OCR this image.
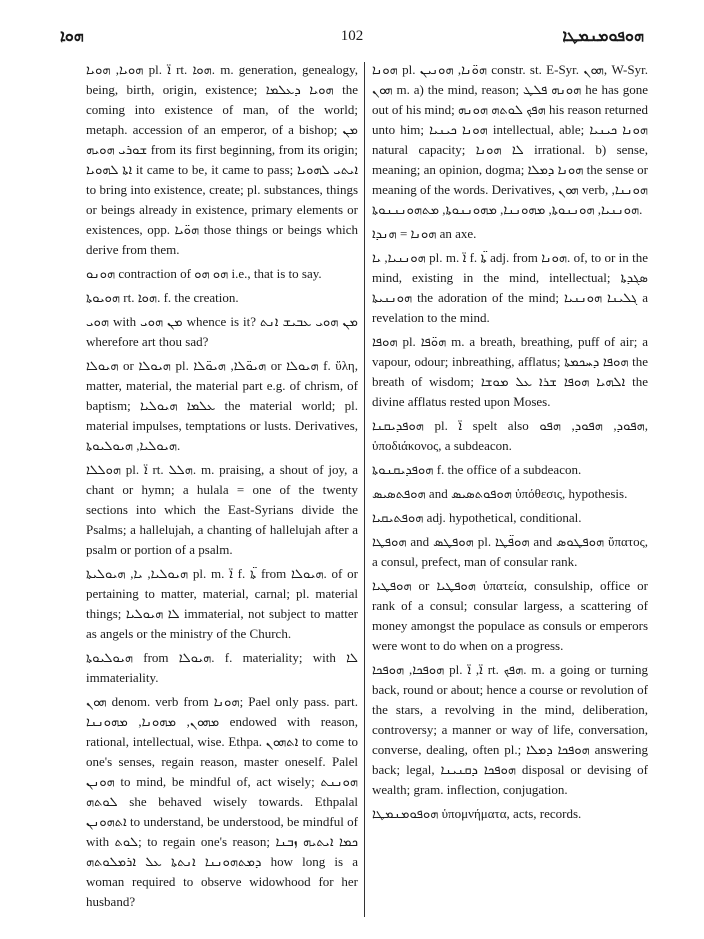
ܗܘܐ	102	ܗܘܦܘܡܢܡܛܐ

ܗܘܝܐ, ܗܘܝܐ pl. ܐ̈ rt. ܗܘܐ. m. generation, genealogy, being, birth, origin, existence; ܗܘܝܐ ܕܥܠܡܐ the coming into existence of man, of the world; metaph. accession of an emperor, of a bishop; ܡܢ ܫܘܪܝ ܗܘܝܗ from its first beginning, from its origin; ܐܬܐ ܠܗܘܝܐ it came to be, it came to pass; ܐܝܬܝ ܠܗܘܝܐ to bring into existence, create; pl. substances, things or beings already in existence, primary elements or existences, opp. ܗܘ̈ܝܐ those things or beings which derive from them.

ܗܘܢܘ contraction of ܗܘ ܗܘ i.e., that is to say.

ܗܘܝܘܬܐ rt. ܗܘܐ. f. the creation.

ܗܘܝ with ܡܢ ܗܘܝ whence is it? ܡܢ ܗܘܝ ܥܒܝܫ ܐܢܬ wherefore art thou sad?

ܗܝܘܠܐ or ܗܝܘܠܐ pl. ܗܝܘ̈ܠܐ, ܗܝܘ̈ܠܐ or ܗܝܘܠܐ f. ὕλη, matter, material, the material part e.g. of chrism, of baptism; ܥܠܡܐ ܗܝܘܠܝܐ the material world; pl. material impulses, temptations or lusts. Derivatives, ܗܝܘܠܝܐ, ܗܝܘܠܝܘܬܐ.

ܗܘܠܠܐ pl. ܐ̈ rt. ܗܠܠ. m. praising, a shout of joy, a chant or hymn; a hulala = one of the twenty sections into which the East-Syrians divide the Psalms; a hallelujah, a chanting of hallelujah after a psalm or portion of a psalm.

ܗܝܘܠܝܐ, ܝܐ, ܗܝܘܠܝܬܐ pl. m. ܐ̈ f. ܬ̈ܐ from ܗܝܘܠܐ. of or pertaining to matter, material, carnal; pl. material things; ܠܐ ܗܝܘܠܝܐ immaterial, not subject to matter as angels or the ministry of the Church.

ܗܝܘܠܝܘܬܐ from ܗܝܘܠܐ. f. materiality; with ܠܐ immateriality.

ܗܘܢ denom. verb from ܗܘܢܐ; Pael only pass. part. ܡܗܘܢ, ܡܗܘܢܐ, ܡܗܘܢܢܐ endowed with reason, rational, intellectual, wise. Ethpa. ܐܬܗܘܢ to come to one's senses, regain reason, master oneself. Palel ܗܘܢܢ to mind, be mindful of, act wisely; ܗܘܢܢܬ ܠܘܬܗ she behaved wisely towards. Ethpalal ܐܬܗܘܢܢ to understand, be understood, be mindful of with ܠܘܬ; to regain one's reason; ܟܡܐ ܐܝܬܝܗ ܙܒܢܐ ܕܡܬܗܘܢܢܐ ܐܢܬܬܐ ܥܠ ܐܪܡܠܘܬܗ how long is a woman required to observe widowhood for her husband?

ܗܘܢܐ pl. ܗܘ̈ܢܐ, ܗܘܢܝܢ constr. st. E-Syr. ܗܘܢ, W-Syr. ܗܘܢ m. a) the mind, reason; ܗܘܢܗ ܦܠܛ he has gone out of his mind; ܗܦܟ ܠܘܬܗ ܗܘܢܗ his reason returned unto him; ܗܘܢܐ ܟܝܢܝܐ intellectual, able; ܗܘܢܐ ܟܝܢܝܐ natural capacity; ܠܐ ܗܘܢܐ irrational. b) sense, meaning; an opinion, dogma; ܗܘܢܐ ܕܡܠܐ the sense or meaning of the words. Derivatives, ܗܘܢ verb, ܗܘܢܢܐ, ܗܘܢܢܝܐ, ܗܘܢܢܘܬܐ, ܡܗܘܢܢܐ, ܡܗܘܢܢܘܬܐ, ܡܬܗܘܢܢܢܘܬܐ.

ܗܘܢܐ = ܗܢܕܐ an axe.

ܗܘܢܢܝܐ, ܝܐ pl. m. ܐ̈ f. ܬ̈ܐ adj. from ܗܘܢܐ. of, to or in the mind, existing in the mind, intellectual; ܣܓܕܬܐ ܗܘܢܢܝܬܐ the adoration of the mind; ܓܠܝܢܐ ܗܘܢܢܝܐ a revelation to the mind.

ܗܘܦܐ pl. ܗܘ̈ܦܐ m. a breath, breathing, puff of air; a vapour, odour; inbreathing, afflatus; ܗܘܦܐ ܕܚܟܡܬܐ the breath of wisdom; ܐܠܗܝܐ ܗܘܦܐ ܫܪܐ ܥܠ ܡܘܫܐ the divine afflatus rested upon Moses.

ܗܘܦܕܝܩܢܐ pl. ܐ̈ spelt also ܗܦܘܕ, ܗܦܘܕ, ܗܦܘ, ὑποδιάκονος, a subdeacon.

ܗܘܦܕܝܩܢܘܬܐ f. the office of a subdeacon.

ܗܘܦܬܣܝܣ and ܗܘܦܘܬܣܝܣ ὑπόθεσις, hypothesis.

ܗܘܦܬܝܩܝܐ adj. hypothetical, conditional.

ܗܘܦܛܐ and ܗܘܦܛܣ pl. ܗܘܦ̈ܛܐ and ܗܘܦܛܘܣ ὕπατος, a consul, prefect, man of consular rank.

ܗܘܦܛܝܐ or ܗܘܦܛܝܐ ὑπατεία, consulship, office or rank of a consul; consular largess, a scattering of money amongst the populace as consuls or emperors were wont to do when on a progress.

ܗܘܦܟܐ, ܗܘܦܟܐ pl. ܐ̈, ܐ̈ rt. ܗܦܟ. m. a going or turning back, round or about; hence a course or revolution of the stars, a revolving in the mind, deliberation, controversy; a manner or way of life, conversation, converse, dealing, often pl.; ܗܘܦܟܐ ܕܡܠܐ answering back; legal, ܗܘܦܟܐ ܕܩܢܝܢܐ disposal or devising of wealth; gram. inflection, conjugation.

ܗܘܦܘܡܢܡܛܐ ὑπομνήματα, acts, records.
